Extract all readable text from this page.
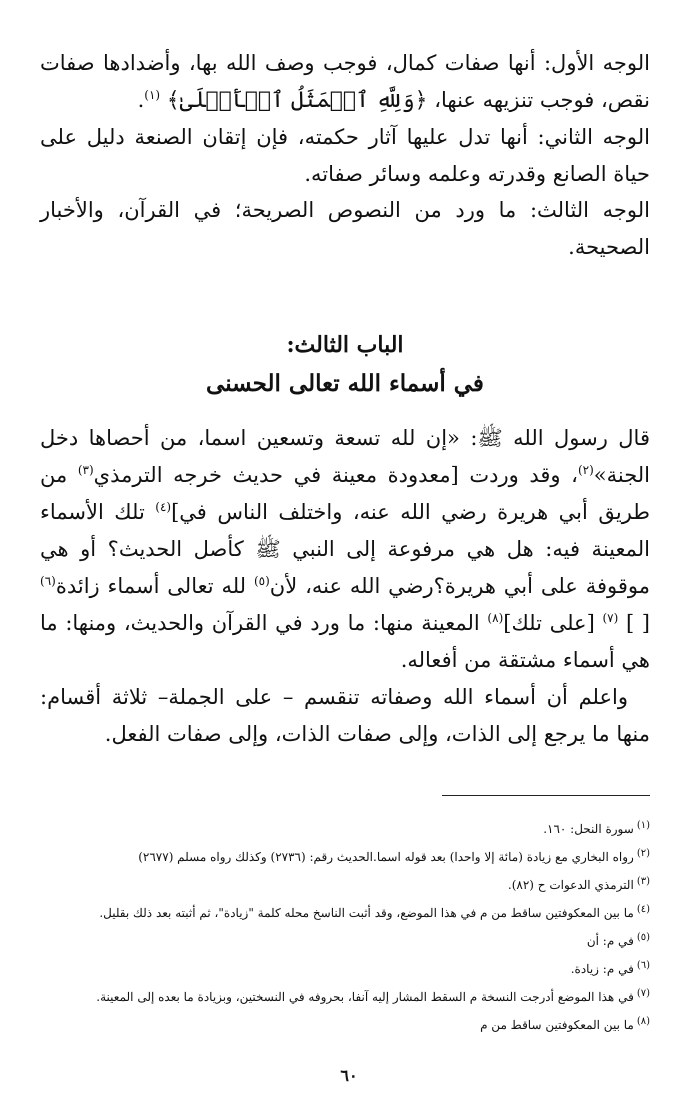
الوجه الأول: أنها صفات كمال، فوجب وصف الله بها، وأضدادها صفات نقص، فوجب تنزيهه عنها، ﴿وَلِلَّهِ ٱلۡمَثَلُ ٱلۡأَعۡلَىٰ﴾ $^{(١)}$.

الوجه الثاني: أنها تدل عليها آثار حكمته، فإن إتقان الصنعة دليل على حياة الصانع وقدرته وعلمه وسائر صفاته.

الوجه الثالث: ما ورد من النصوص الصريحة؛ في القرآن، والأخبار الصحيحة.

الباب الثالث:
في أسماء الله تعالى الحسنى

قال رسول الله ﷺ: «إن لله تسعة وتسعين اسما، من أحصاها دخل الجنة»$^{(٢)}$، وقد وردت [معدودة معينة في حديث خرجه الترمذي$^{(٣)}$ من طريق أبي هريرة رضي الله عنه، واختلف الناس في]$^{(٤)}$ تلك الأسماء المعينة فيه: هل هي مرفوعة إلى النبي ﷺ كأصل الحديث؟ أو هي موقوفة على أبي هريرة؟رضي الله عنه، لأن$^{(٥)}$ لله تعالى أسماء زائدة$^{(٦)}$ [ ] $^{(٧)}$ [على تلك]$^{(٨)}$ المعينة منها: ما ورد في القرآن والحديث، ومنها: ما هي أسماء مشتقة من أفعاله.

واعلم أن أسماء الله وصفاته تنقسم – على الجملة– ثلاثة أقسام: منها ما يرجع إلى الذات، وإلى صفات الذات، وإلى صفات الفعل.

$^{(١)}$سورة النحل: ١٦٠.
$^{(٢)}$رواه البخاري مع زيادة (مائة إلا واحدا) بعد قوله اسما.الحديث رقم: (٢٧٣٦) وكذلك رواه مسلم (٢٦٧٧)
$^{(٣)}$الترمذي الدعوات ح (٨٢).
$^{(٤)}$ما بين المعكوفتين ساقط من م في هذا الموضع، وقد أثبت الناسخ محله كلمة "زيادة"، ثم أثبته بعد ذلك بقليل.
$^{(٥)}$في م: أن
$^{(٦)}$في م: زيادة.
$^{(٧)}$في هذا الموضع أدرجت النسخة م السقط المشار إليه آنفا، بحروفه في النسختين، وبزيادة ما بعده إلى المعينة.
$^{(٨)}$ما بين المعكوفتين ساقط من م
٦٠
